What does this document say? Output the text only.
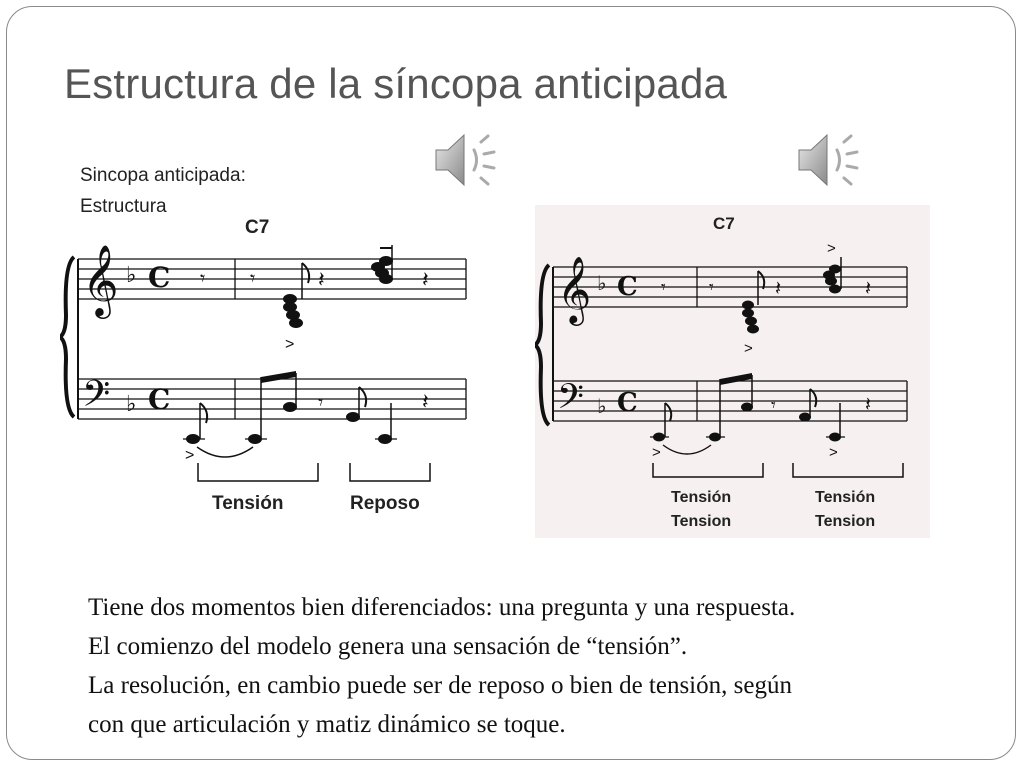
Estructura de la síncopa anticipada
Sincopa anticipada:
Estructura
C7
𝄞
𝄢
♭
♭
C
C
𝄾 𝄾	𝄽	𝄽
𝄾	𝄽
>
>
Tensión	Reposo
C7
𝄞
𝄢
♭
♭
C
C
𝄾 𝄾	𝄽	𝄽
𝄾	𝄽
>
>
>	>
Tensión
Tension
Tensión
Tension

Tiene dos momentos bien diferenciados: una pregunta y una respuesta.

El comienzo del modelo genera una sensación de “tensión”.

La resolución, en cambio puede ser de reposo o bien de tensión, según

con que articulación y matiz dinámico se toque.
